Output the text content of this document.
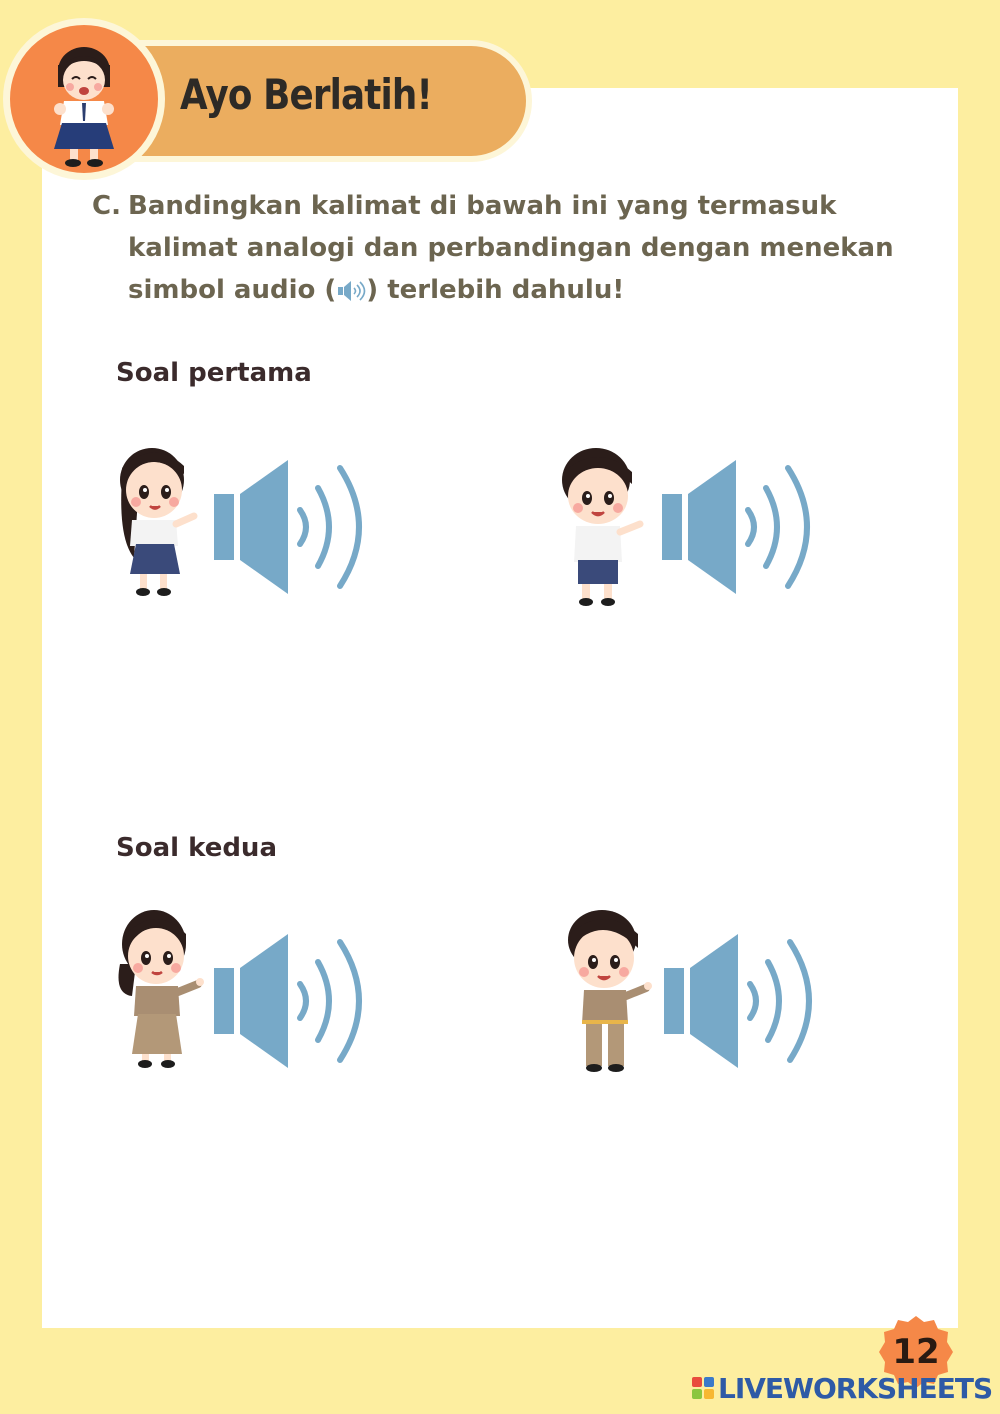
Ayo Berlatih!
C. Bandingkan kalimat di bawah ini yang termasuk
kalimat analogi dan perbandingan dengan menekan
simbol audio ( ) terlebih dahulu!
Soal pertama
Soal kedua
12
LIVEWORKSHEETS
